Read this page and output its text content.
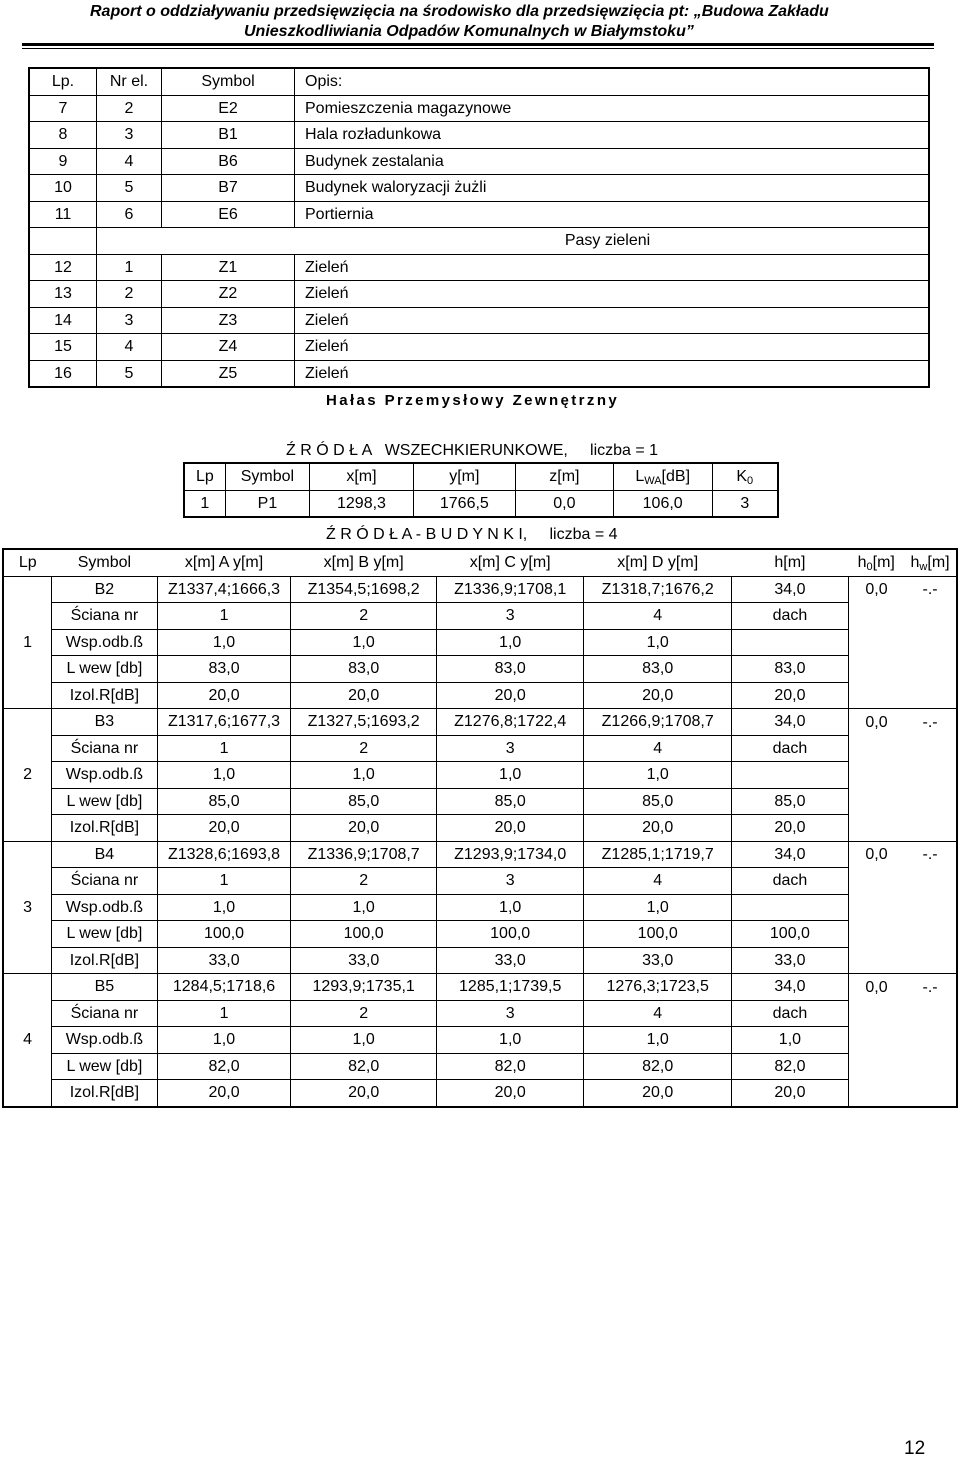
Raport o oddziaływaniu przedsięwzięcia na środowisko dla przedsięwzięcia pt: „Budowa Zakładu
Unieszkodliwiania Odpadów Komunalnych w Białymstoku”
Lp.	Nr el.	Symbol	Opis:
7	2	E2	Pomieszczenia magazynowe
8	3	B1	Hala rozładunkowa
9	4	B6	Budynek zestalania
10	5	B7	Budynek waloryzacji żużli
11	6	E6	Portiernia
	Pasy zieleni		
12	1	Z1	Zieleń
13	2	Z2	Zieleń
14	3	Z3	Zieleń
15	4	Z4	Zieleń
16	5	Z5	Zieleń
Hałas Przemysłowy Zewnętrzny
Ź R Ó D Ł A   WSZECHKIERUNKOWE,     liczba = 1
Lp	Symbol	x[m]	y[m]	z[m]	$L_{WA}[dB]$	$K_0$
1	P1	1298,3	1766,5	0,0	106,0	3
Ź R Ó D Ł A - B U D Y N K I,     liczba = 4
Lp	Symbol	x[m] A y[m]	x[m] B y[m]	x[m] C y[m]	x[m] D y[m]	h[m]	$h_0[m]$	$h_w[m]$
1	B2	Z1337,4;1666,3	Z1354,5;1698,2	Z1336,9;1708,1	Z1318,7;1676,2	34,0	0,0	-.-
	Ściana nr	1	2	3	4	dach		
	Wsp.odb.ß	1,0	1,0	1,0	1,0			
	L wew [db]	83,0	83,0	83,0	83,0	83,0		
	Izol.R[dB]	20,0	20,0	20,0	20,0	20,0		
2	B3	Z1317,6;1677,3	Z1327,5;1693,2	Z1276,8;1722,4	Z1266,9;1708,7	34,0	0,0	-.-
	Ściana nr	1	2	3	4	dach		
	Wsp.odb.ß	1,0	1,0	1,0	1,0			
	L wew [db]	85,0	85,0	85,0	85,0	85,0		
	Izol.R[dB]	20,0	20,0	20,0	20,0	20,0		
3	B4	Z1328,6;1693,8	Z1336,9;1708,7	Z1293,9;1734,0	Z1285,1;1719,7	34,0	0,0	-.-
	Ściana nr	1	2	3	4	dach		
	Wsp.odb.ß	1,0	1,0	1,0	1,0			
	L wew [db]	100,0	100,0	100,0	100,0	100,0		
	Izol.R[dB]	33,0	33,0	33,0	33,0	33,0		
4	B5	1284,5;1718,6	1293,9;1735,1	1285,1;1739,5	1276,3;1723,5	34,0	0,0	-.-
	Ściana nr	1	2	3	4	dach		
	Wsp.odb.ß	1,0	1,0	1,0	1,0	1,0		
	L wew [db]	82,0	82,0	82,0	82,0	82,0		
	Izol.R[dB]	20,0	20,0	20,0	20,0	20,0		
12
